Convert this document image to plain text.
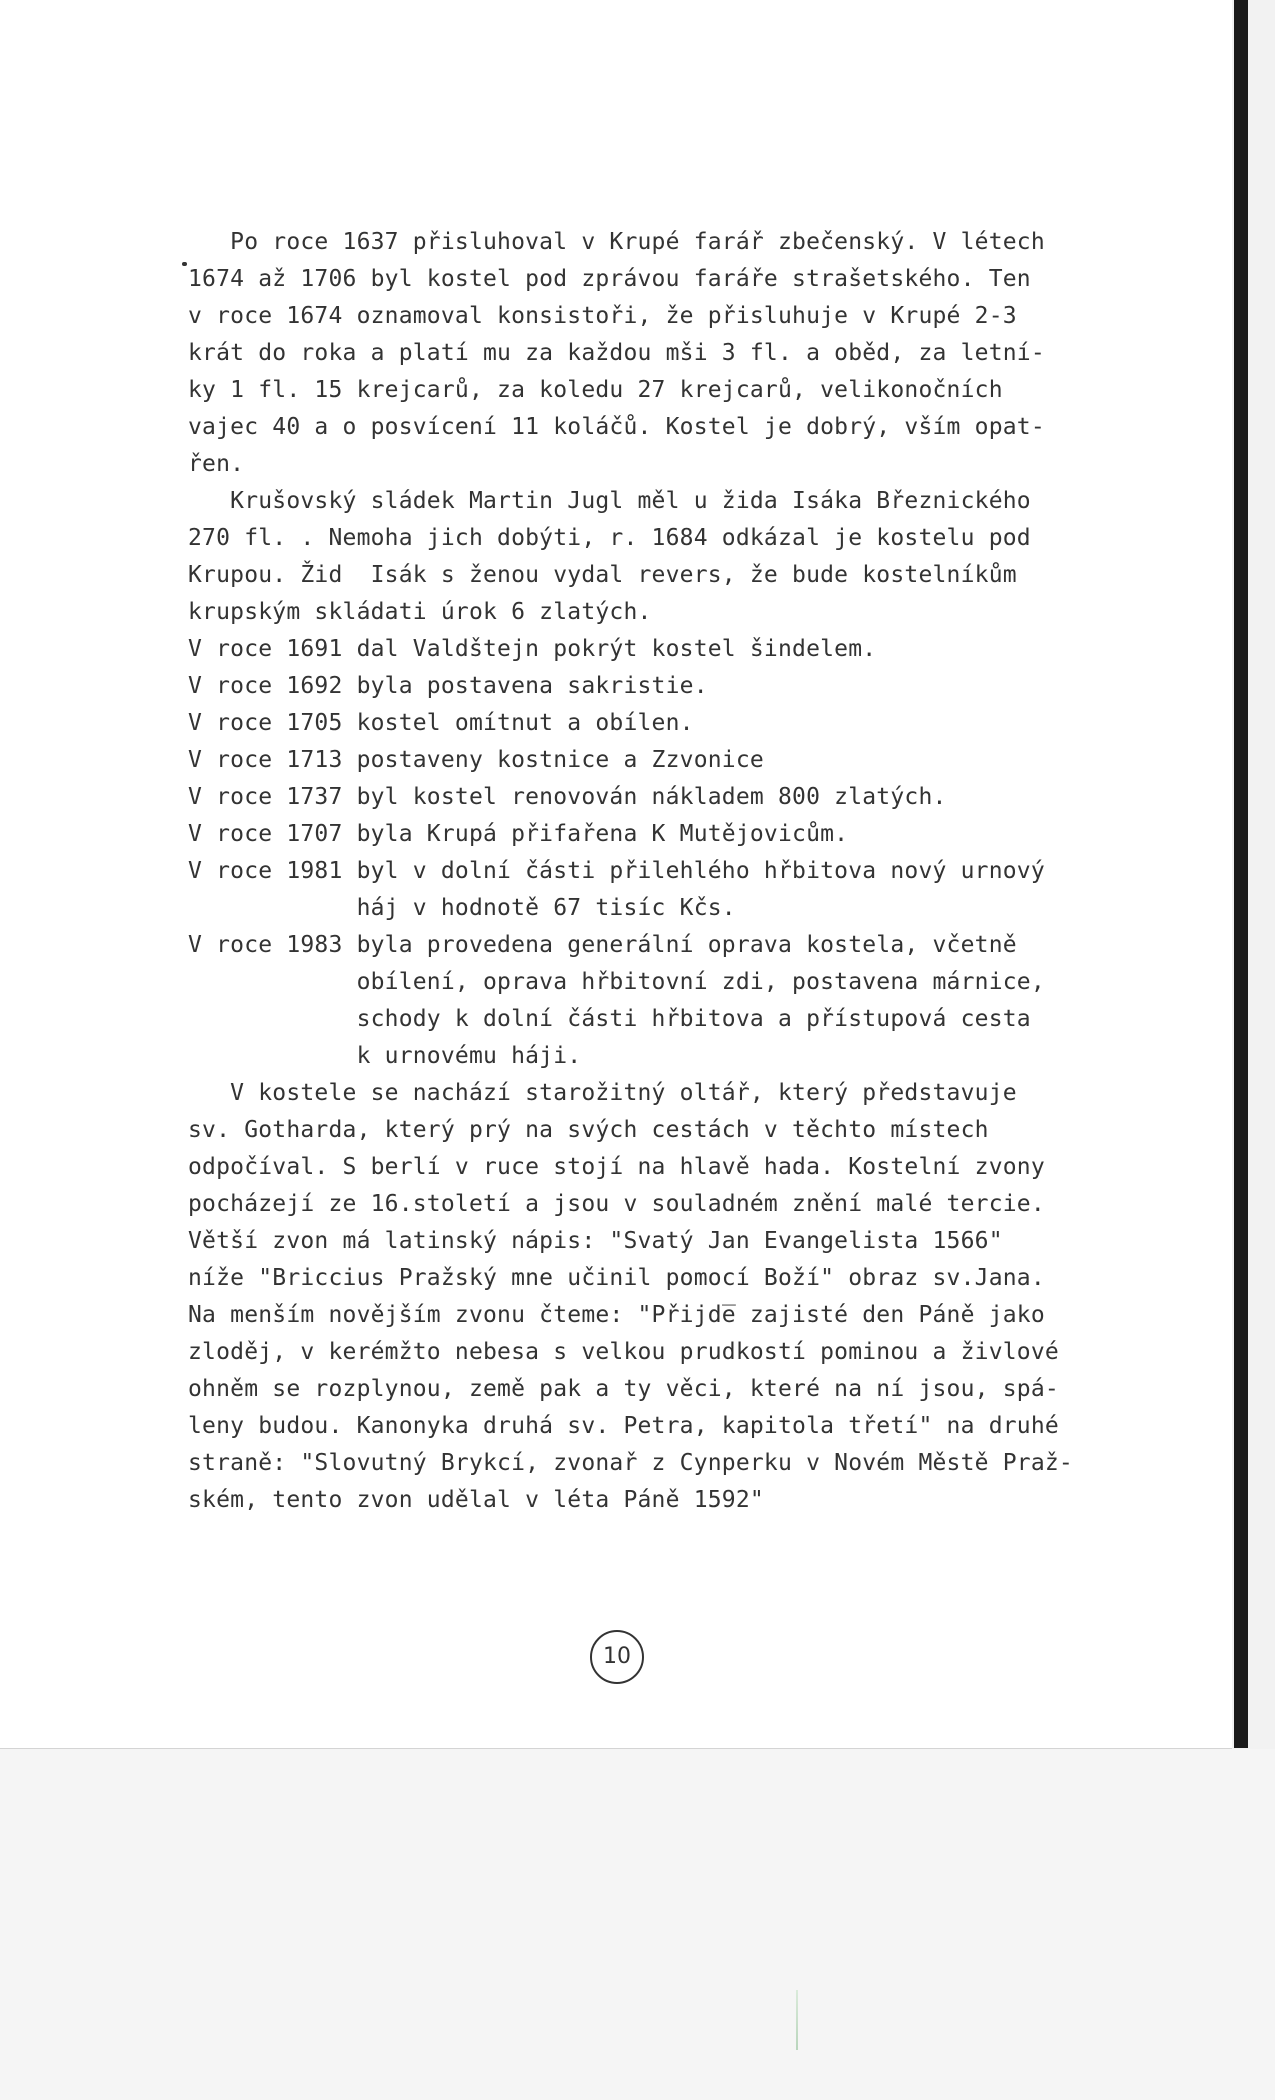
Po roce 1637 přisluhoval v Krupé farář zbečenský. V létech
1674 až 1706 byl kostel pod zprávou faráře strašetského. Ten
v roce 1674 oznamoval konsistoři, že přisluhuje v Krupé 2-3
krát do roka a platí mu za každou mši 3 fl. a oběd, za letní-
ky 1 fl. 15 krejcarů, za koledu 27 krejcarů, velikonočních
vajec 40 a o posvícení 11 koláčů. Kostel je dobrý, vším opat-
řen.
Krušovský sládek Martin Jugl měl u žida Isáka Březnického
270 fl. . Nemoha jich dobýti, r. 1684 odkázal je kostelu pod
Krupou. Žid  Isák s ženou vydal revers, že bude kostelníkům
krupským skládati úrok 6 zlatých.
V roce 1691 dal Valdštejn pokrýt kostel šindelem.
V roce 1692 byla postavena sakristie.
V roce 1705 kostel omítnut a obílen.
V roce 1713 postaveny kostnice a Zzvonice
V roce 1737 byl kostel renovován nákladem 800 zlatých.
V roce 1707 byla Krupá přifařena K Mutějovicům.
V roce 1981 byl v dolní části přilehlého hřbitova nový urnový
háj v hodnotě 67 tisíc Kčs.
V roce 1983 byla provedena generální oprava kostela, včetně
obílení, oprava hřbitovní zdi, postavena márnice,
schody k dolní části hřbitova a přístupová cesta
k urnovému háji.
V kostele se nachází starožitný oltář, který představuje
sv. Gotharda, který prý na svých cestách v těchto místech
odpočíval. S berlí v ruce stojí na hlavě hada. Kostelní zvony
pocházejí ze 16.století a jsou v souladném znění malé tercie.
Větší zvon má latinský nápis: "Svatý Jan Evangelista 1566"
níže "Briccius Pražský mne učinil pomocí Boží" obraz sv.Jana.
Na menším novějším zvonu čteme: "Přijde̅ zajisté den Páně jako
zloděj, v kerémžto nebesa s velkou prudkostí pominou a živlové
ohněm se rozplynou, země pak a ty věci, které na ní jsou, spá-
leny budou. Kanonyka druhá sv. Petra, kapitola třetí" na druhé
straně: "Slovutný Brykcí, zvonař z Cynperku v Novém Městě Praž-
ském, tento zvon udělal v léta Páně 1592"
10
